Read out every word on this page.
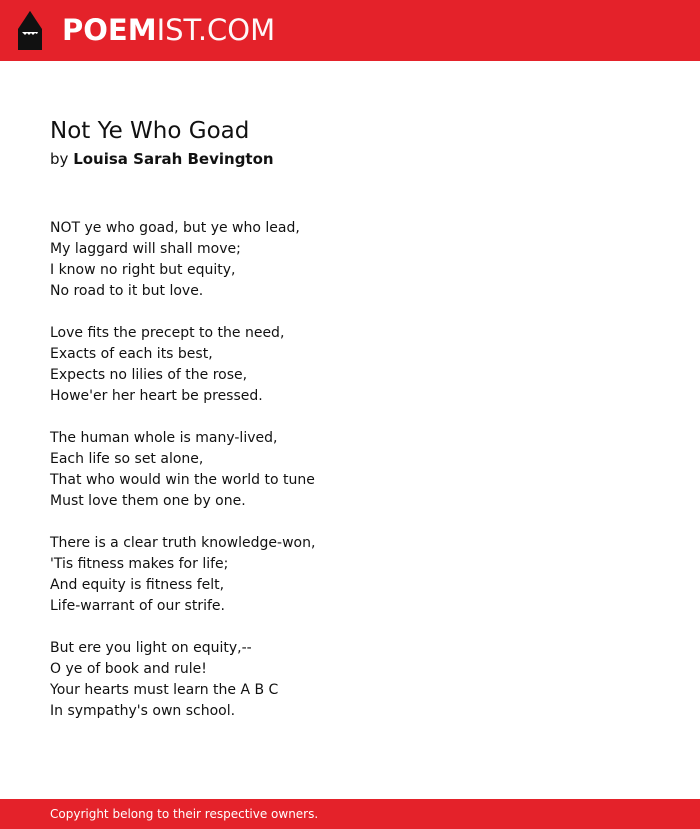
POEMIST.COM
Not Ye Who Goad
by Louisa Sarah Bevington
NOT ye who goad, but ye who lead,
My laggard will shall move;
I know no right but equity,
No road to it but love.
Love fits the precept to the need,
Exacts of each its best,
Expects no lilies of the rose,
Howe'er her heart be pressed.
The human whole is many-lived,
Each life so set alone,
That who would win the world to tune
Must love them one by one.
There is a clear truth knowledge-won,
'Tis fitness makes for life;
And equity is fitness felt,
Life-warrant of our strife.
But ere you light on equity,--
O ye of book and rule!
Your hearts must learn the A B C
In sympathy's own school.
Copyright belong to their respective owners.
